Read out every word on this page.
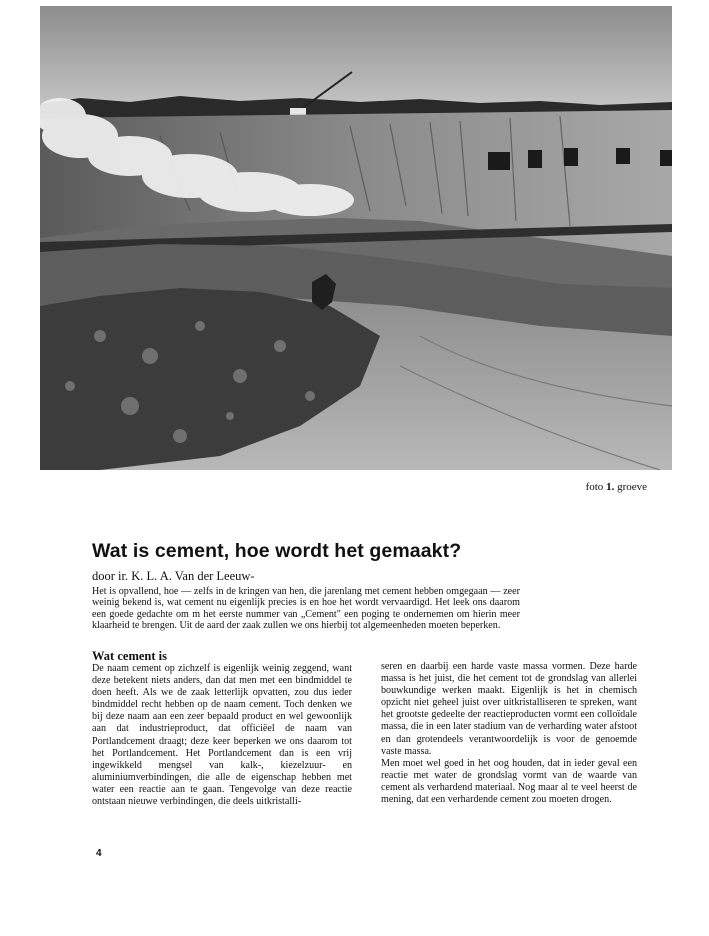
foto 1. groeve
Wat is cement, hoe wordt het gemaakt?
door ir. K. L. A. Van der Leeuw-

Het is opvallend, hoe — zelfs in de kringen van hen, die jarenlang met cement hebben omgegaan — zeer weinig bekend is, wat cement nu eigenlijk precies is en hoe het wordt vervaardigd. Het leek ons daarom een goede gedachte om m het eerste nummer van „Cement" een poging te ondernemen om hierin meer klaarheid te brengen. Uit de aard der zaak zullen we ons hierbij tot algemeenheden moeten beperken.

Wat cement is

De naam cement op zichzelf is eigenlijk weinig zeggend, want deze betekent niets anders, dan dat men met een bindmiddel te doen heeft. Als we de zaak letterlijk opvatten, zou dus ieder bindmiddel recht hebben op de naam cement. Toch denken we bij deze naam aan een zeer bepaald product en wel gewoonlijk aan dat industrieproduct, dat officiëel de naam van Portlandcement draagt; deze keer beperken we ons daarom tot het Portlandcement. Het Portlandcement dan is een vrij ingewikkeld mengsel van kalk-, kiezelzuur- en aluminiumverbindingen, die alle de eigenschap hebben met water een reactie aan te gaan. Tengevolge van deze reactie ontstaan nieuwe verbindingen, die deels uitkristalli-

seren en daarbij een harde vaste massa vormen. Deze harde massa is het juist, die het cement tot de grondslag van allerlei bouwkundige werken maakt. Eigenlijk is het in chemisch opzicht niet geheel juist over uitkristalliseren te spreken, want het grootste gedeelte der reactieproducten vormt een colloïdale massa, die in een later stadium van de verharding water afstoot en dan grotendeels verantwoordelijk is voor de genoemde vaste massa.

Men moet wel goed in het oog houden, dat in ieder geval een reactie met water de grondslag vormt van de waarde van cement als verhardend materiaal. Nog maar al te veel heerst de mening, dat een verhardende cement zou moeten drogen.

4
